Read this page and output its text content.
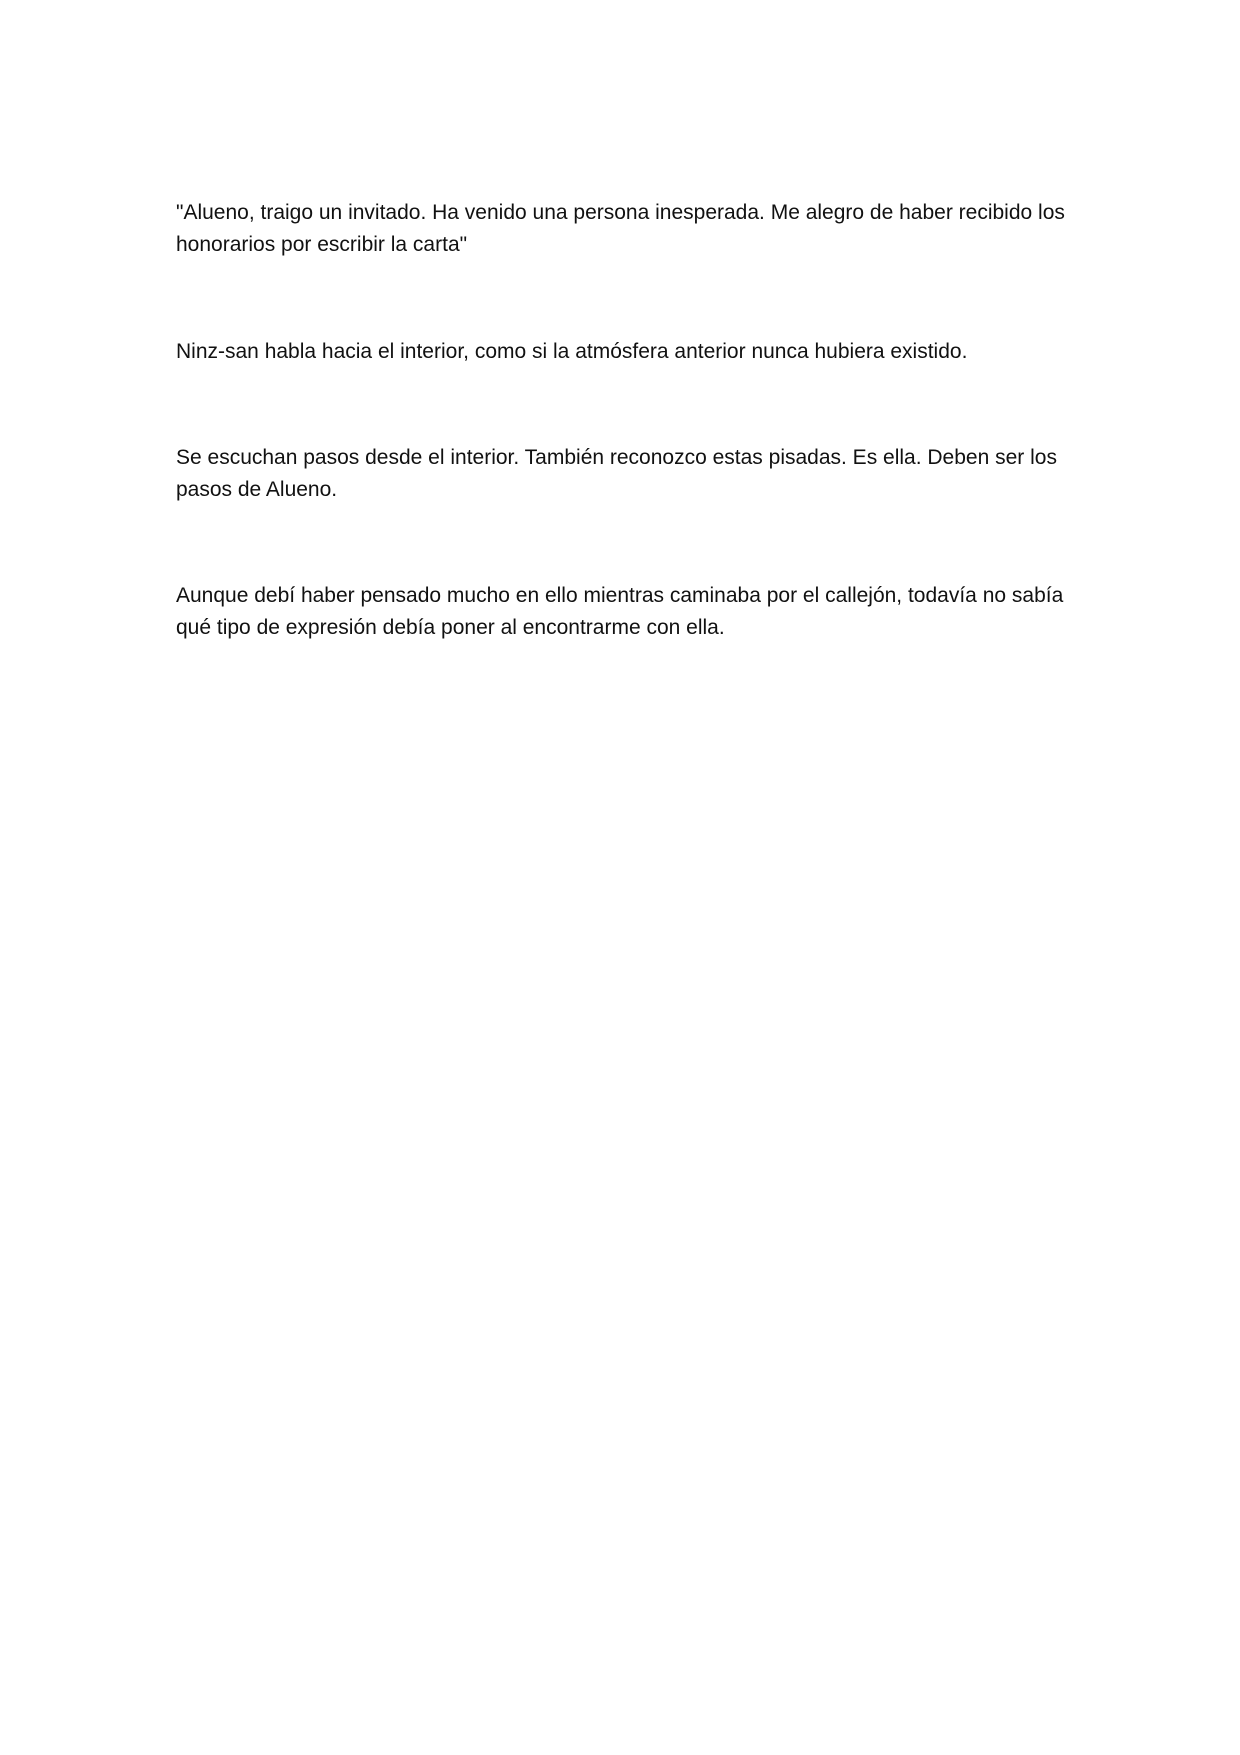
"Alueno, traigo un invitado. Ha venido una persona inesperada. Me alegro de haber recibido los honorarios por escribir la carta"

Ninz-san habla hacia el interior, como si la atmósfera anterior nunca hubiera existido.

Se escuchan pasos desde el interior. También reconozco estas pisadas. Es ella. Deben ser los pasos de Alueno.

Aunque debí haber pensado mucho en ello mientras caminaba por el callejón, todavía no sabía qué tipo de expresión debía poner al encontrarme con ella.
